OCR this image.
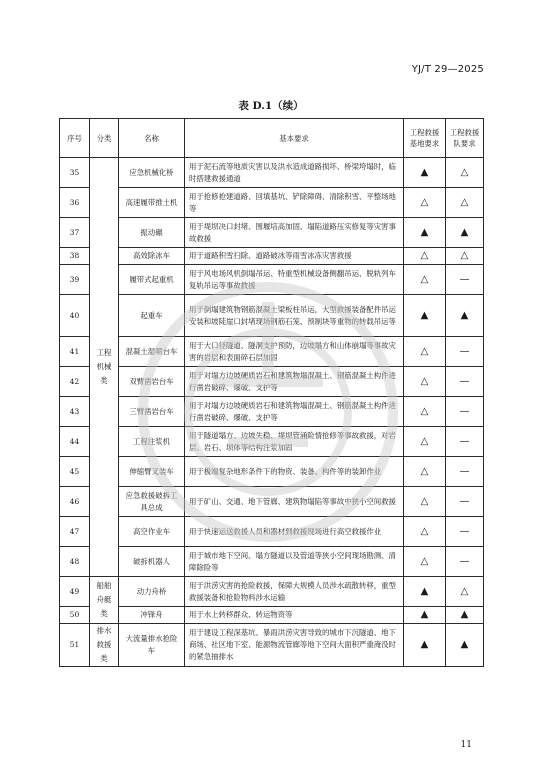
YJ/T 29—2025
表 D.1（续）
序号	分类	名称	基本要求	工程救援基地要求	工程救援队要求
35	工程机械类	应急机械化桥	用于泥石流等地质灾害以及洪水造成道路损坏、桥梁垮塌时，临时搭建救援通道	▲	△
36		高速履带推土机	用于抢修抢建道路、回填基坑、铲除障碍、清除积雪、平整场地等	△	△
37		振动碾	用于堤坝决口封堵、围堰培高加固、塌陷道路压实修复等灾害事故救援	▲	▲
38		高效除冰车	用于道路积雪扫除、道路破冰等雨雪冰冻灾害救援	△	△
39		履带式起重机	用于风电场风机倒塌吊运、特重型机械设备侧翻吊运、脱轨列车复轨吊运等事故救援	△	—
40		起重车	用于倒塌建筑物钢筋混凝土梁板柱吊运，大型救援装备配件吊运安装和坡陡崖口封堵现场钢筋石笼、预制块等重物的转载吊运等	▲	▲
41		混凝土湿喷台车	用于大口径隧道、隧洞支护预防，边坡塌方和山体崩塌等事故灾害的岩层和表面碎石层加固	△	—
42		双臂凿岩台车	用于对塌方边坡硬质岩石和建筑物塌混凝土、钢筋混凝土构件进行凿岩破碎、爆破、支护等	△	—
43		三臂凿岩台车	用于对塌方边坡硬质岩石和建筑物塌混凝土、钢筋混凝土构件进行凿岩破碎、爆破、支护等	△	—
44		工程注浆机	用于隧道塌方、边坡失稳、堤坝管涌险情抢修等事故救援，对岩层、岩石、坝体等结构注浆加固	△	—
45		伸缩臂叉装车	用于极端复杂地形条件下的物资、装备、构件等的装卸作业	△	—
46		应急救援破拆工具总成	用于矿山、交通、地下管廊、建筑物塌陷等事故中狭小空间救援	△	—
47		高空作业车	用于快速运送救援人员和器材到救援现场进行高空救援作业	△	—
48		破拆机器人	用于城市地下空间、塌方隧道以及管道等狭小空间现场勘测、清障除险等	△	—
49	船舶舟艇类	动力舟桥	用于洪涝灾害的抢险救援，保障大规模人员涉水疏散转移，重型救援装备和抢险物料涉水运输	▲	△
50		冲锋舟	用于水上转移群众、转运物资等	▲	▲
51	排水救援类	大流量排水抢险车	用于建设工程深基坑、暴雨洪涝灾害导致的城市下沉隧道、地下商场、社区地下室、能源物流管廊等地下空间大面积严重淹没时的紧急抽排水	▲	▲
11
